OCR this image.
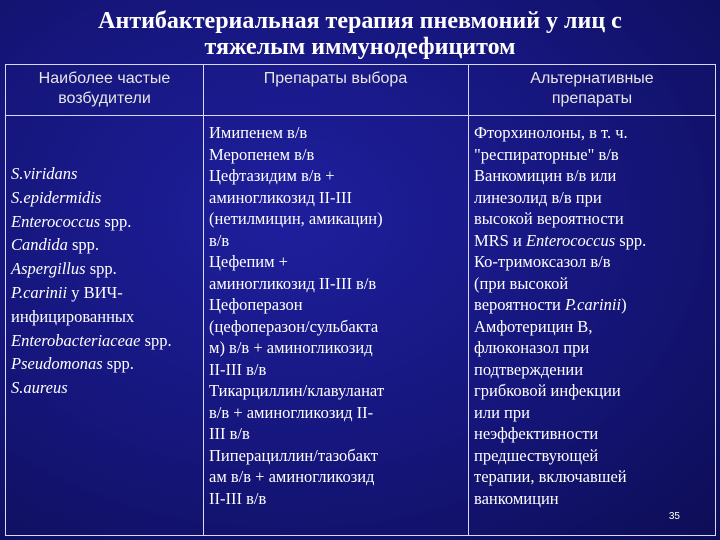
Антибактериальная терапия пневмоний у лиц с
тяжелым иммунодефицитом
Наиболее частые
возбудители
Препараты выбора	Альтернативные
препараты
S.viridans
S.epidermidis
Enterococcus spp.
Candida spp.
Aspergillus spp.
P.carinii у ВИЧ-
инфицированных
Enterobacteriaceae spp.
Pseudomonas spp.
S.aureus
Имипенем в/в
Меропенем в/в
Цефтазидим в/в +
аминогликозид II-III
(нетилмицин, амикацин)
в/в
Цефепим +
аминогликозид II-III в/в
Цефоперазон
(цефоперазон/сульбакта
м) в/в + аминогликозид
II-III в/в
Тикарциллин/клавуланат
в/в + аминогликозид II-
III в/в
Пиперациллин/тазобакт
ам в/в + аминогликозид
II-III в/в
Фторхинолоны, в т. ч.
"респираторные" в/в
Ванкомицин в/в или
линезолид в/в при
высокой вероятности
MRS и Enterococcus spp.
Ко-тримоксазол в/в
(при высокой
вероятности P.carinii)
Амфотерицин В,
флюконазол при
подтверждении
грибковой инфекции
или при
неэффективности
предшествующей
терапии, включавшей
ванкомицин
35
